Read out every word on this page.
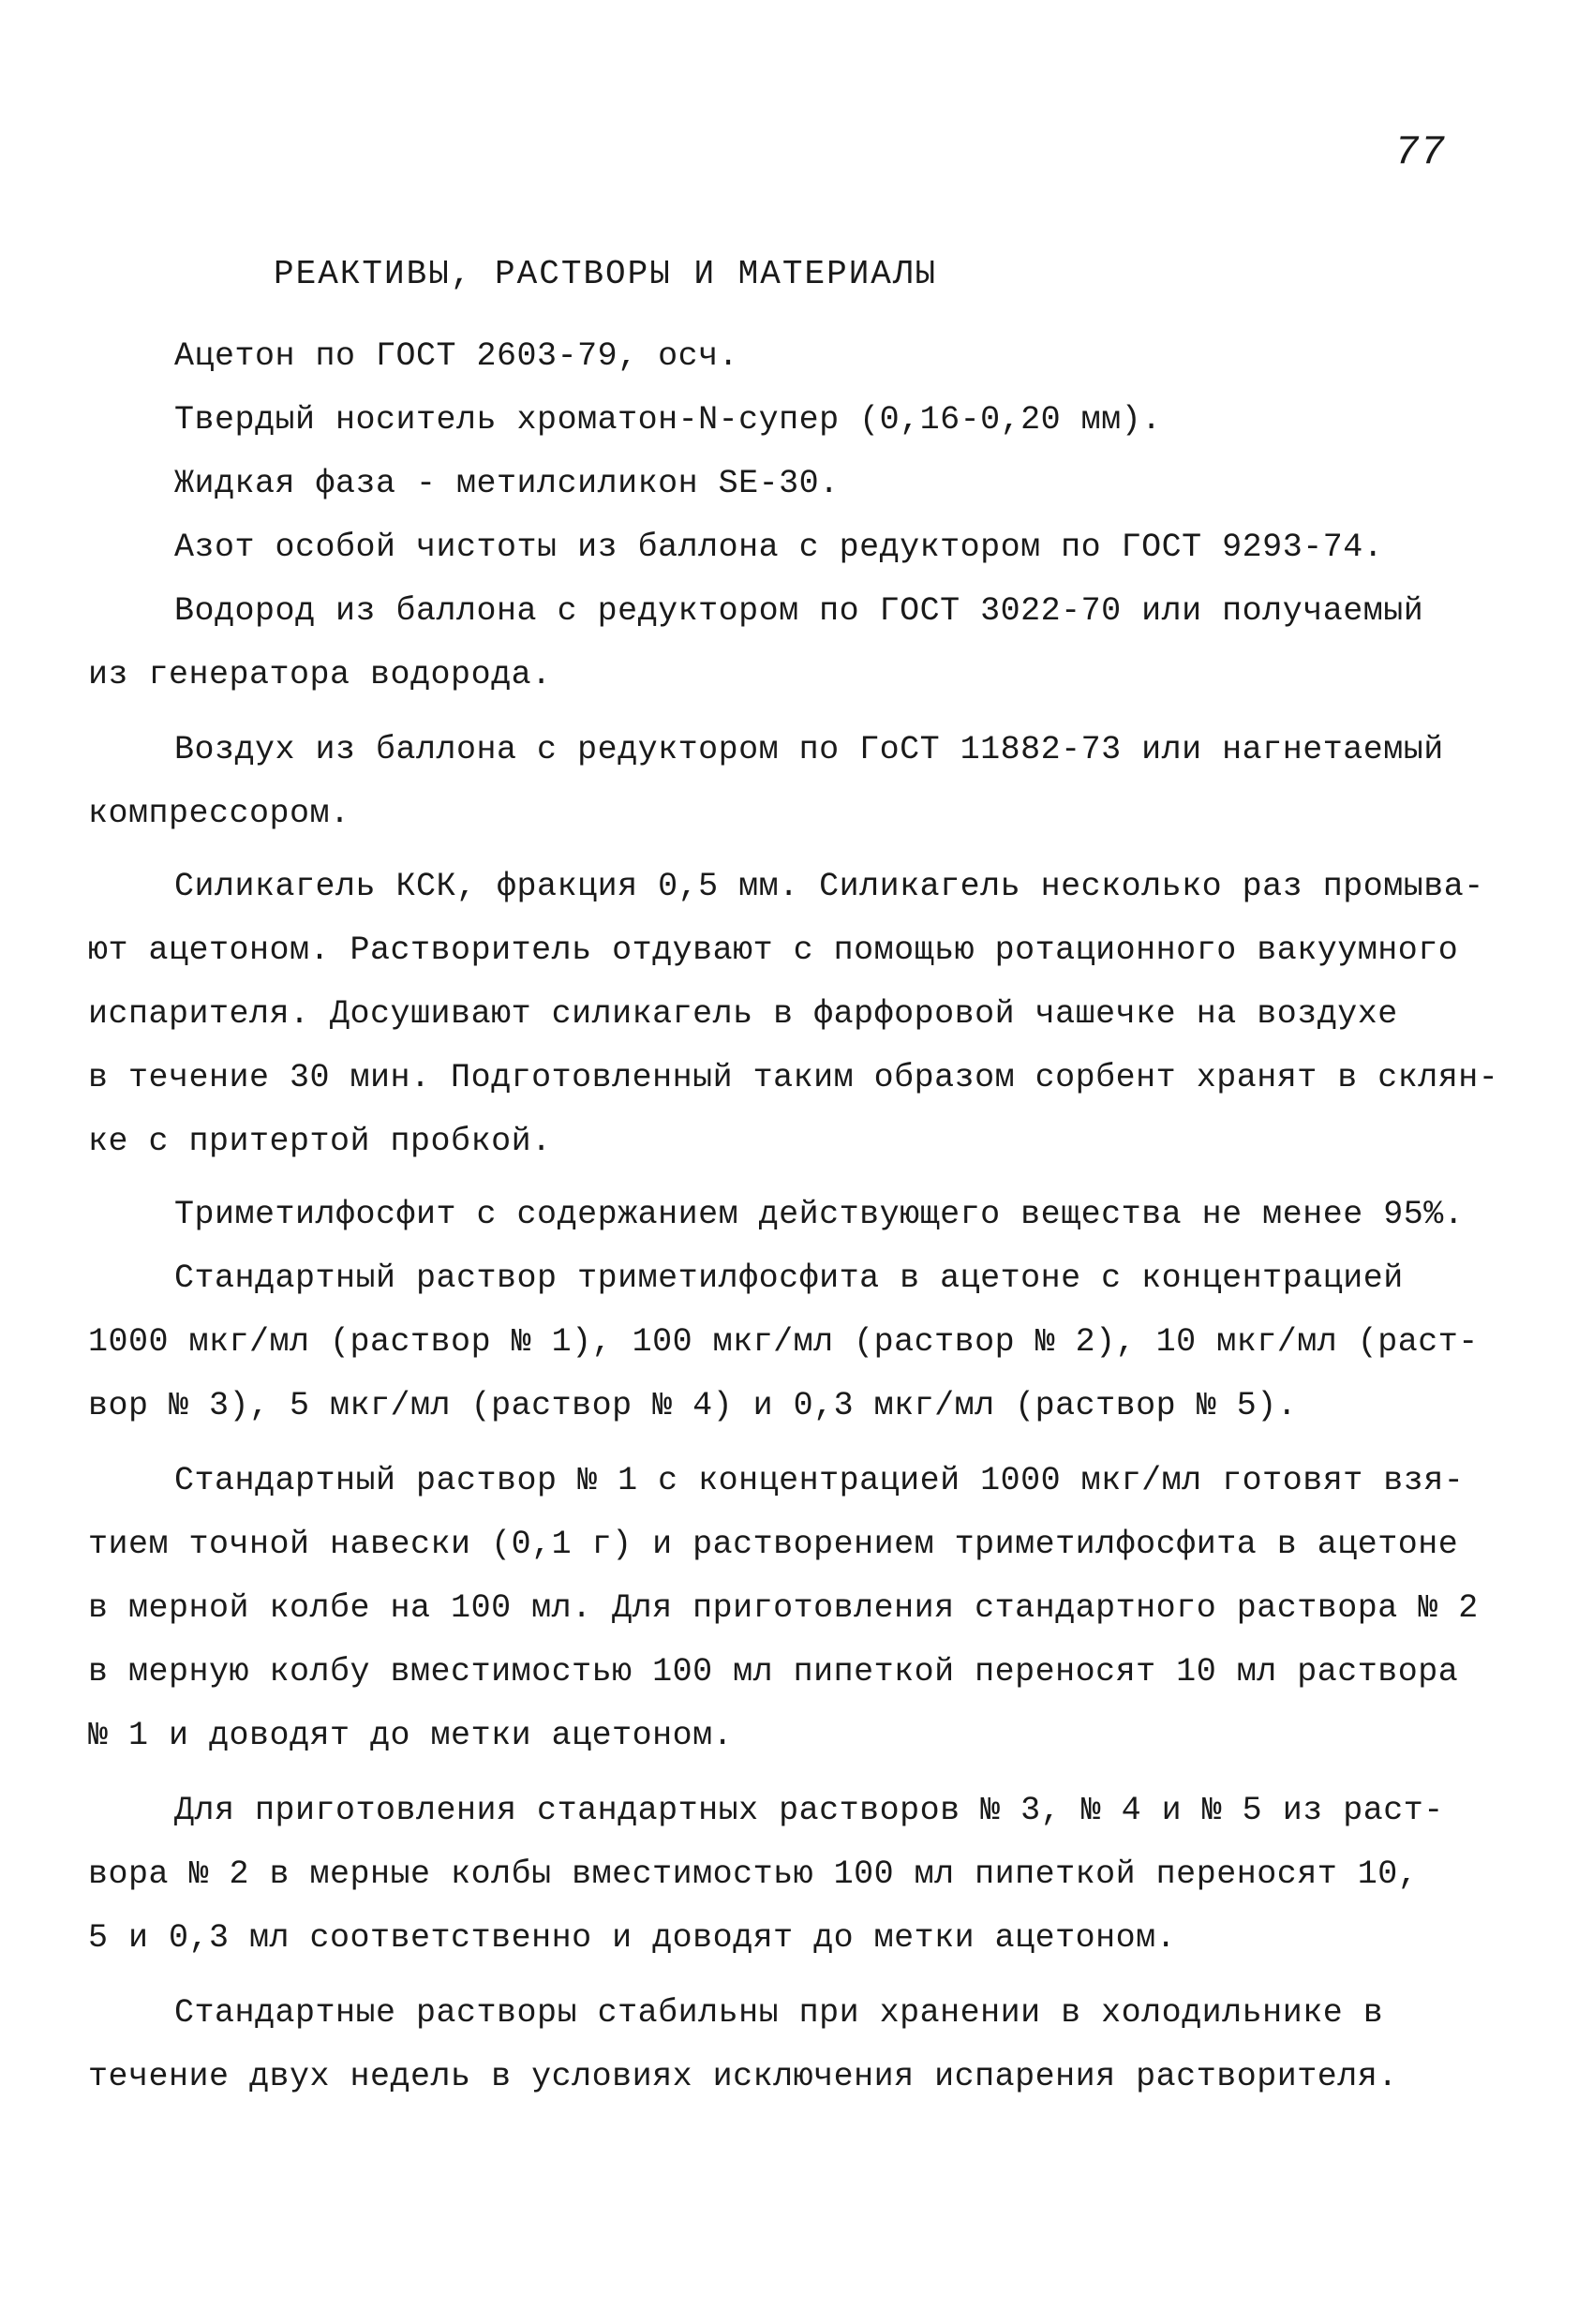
77
РЕАКТИВЫ, РАСТВОРЫ И МАТЕРИАЛЫ
Ацетон по ГОСТ 2603-79, осч.
Твердый носитель хроматон-N-супер (0,16-0,20 мм).
Жидкая фаза - метилсиликон SE-30.
Азот особой чистоты из баллона с редуктором по ГОСТ 9293-74.
Водород из баллона с редуктором по ГОСТ 3022-70 или получаемый
из генератора водорода.
Воздух из баллона с редуктором по ГоСТ 11882-73 или нагнетаемый
компрессором.
Силикагель КСК, фракция 0,5 мм. Силикагель несколько раз промыва-
ют ацетоном. Растворитель отдувают с помощью ротационного вакуумного
испарителя. Досушивают силикагель в фарфоровой чашечке на воздухе
в течение 30 мин. Подготовленный таким образом сорбент хранят в склян-
ке с притертой пробкой.
Триметилфосфит с содержанием действующего вещества не менее 95%.
Стандартный раствор триметилфосфита в ацетоне с концентрацией
1000 мкг/мл (раствор № 1), 100 мкг/мл (раствор № 2), 10 мкг/мл (раст-
вор № 3), 5 мкг/мл (раствор № 4) и 0,3 мкг/мл (раствор № 5).
Стандартный раствор № 1 с концентрацией 1000 мкг/мл готовят взя-
тием точной навески (0,1 г) и растворением триметилфосфита в ацетоне
в мерной колбе на 100 мл. Для приготовления стандартного раствора № 2
в мерную колбу вместимостью 100 мл пипеткой переносят 10 мл раствора
№ 1 и доводят до метки ацетоном.
Для приготовления стандартных растворов № 3, № 4 и № 5 из раст-
вора № 2 в мерные колбы вместимостью 100 мл пипеткой переносят 10,
5 и 0,3 мл соответственно и доводят до метки ацетоном.
Стандартные растворы стабильны при хранении в холодильнике в
течение двух недель в условиях исключения испарения растворителя.
